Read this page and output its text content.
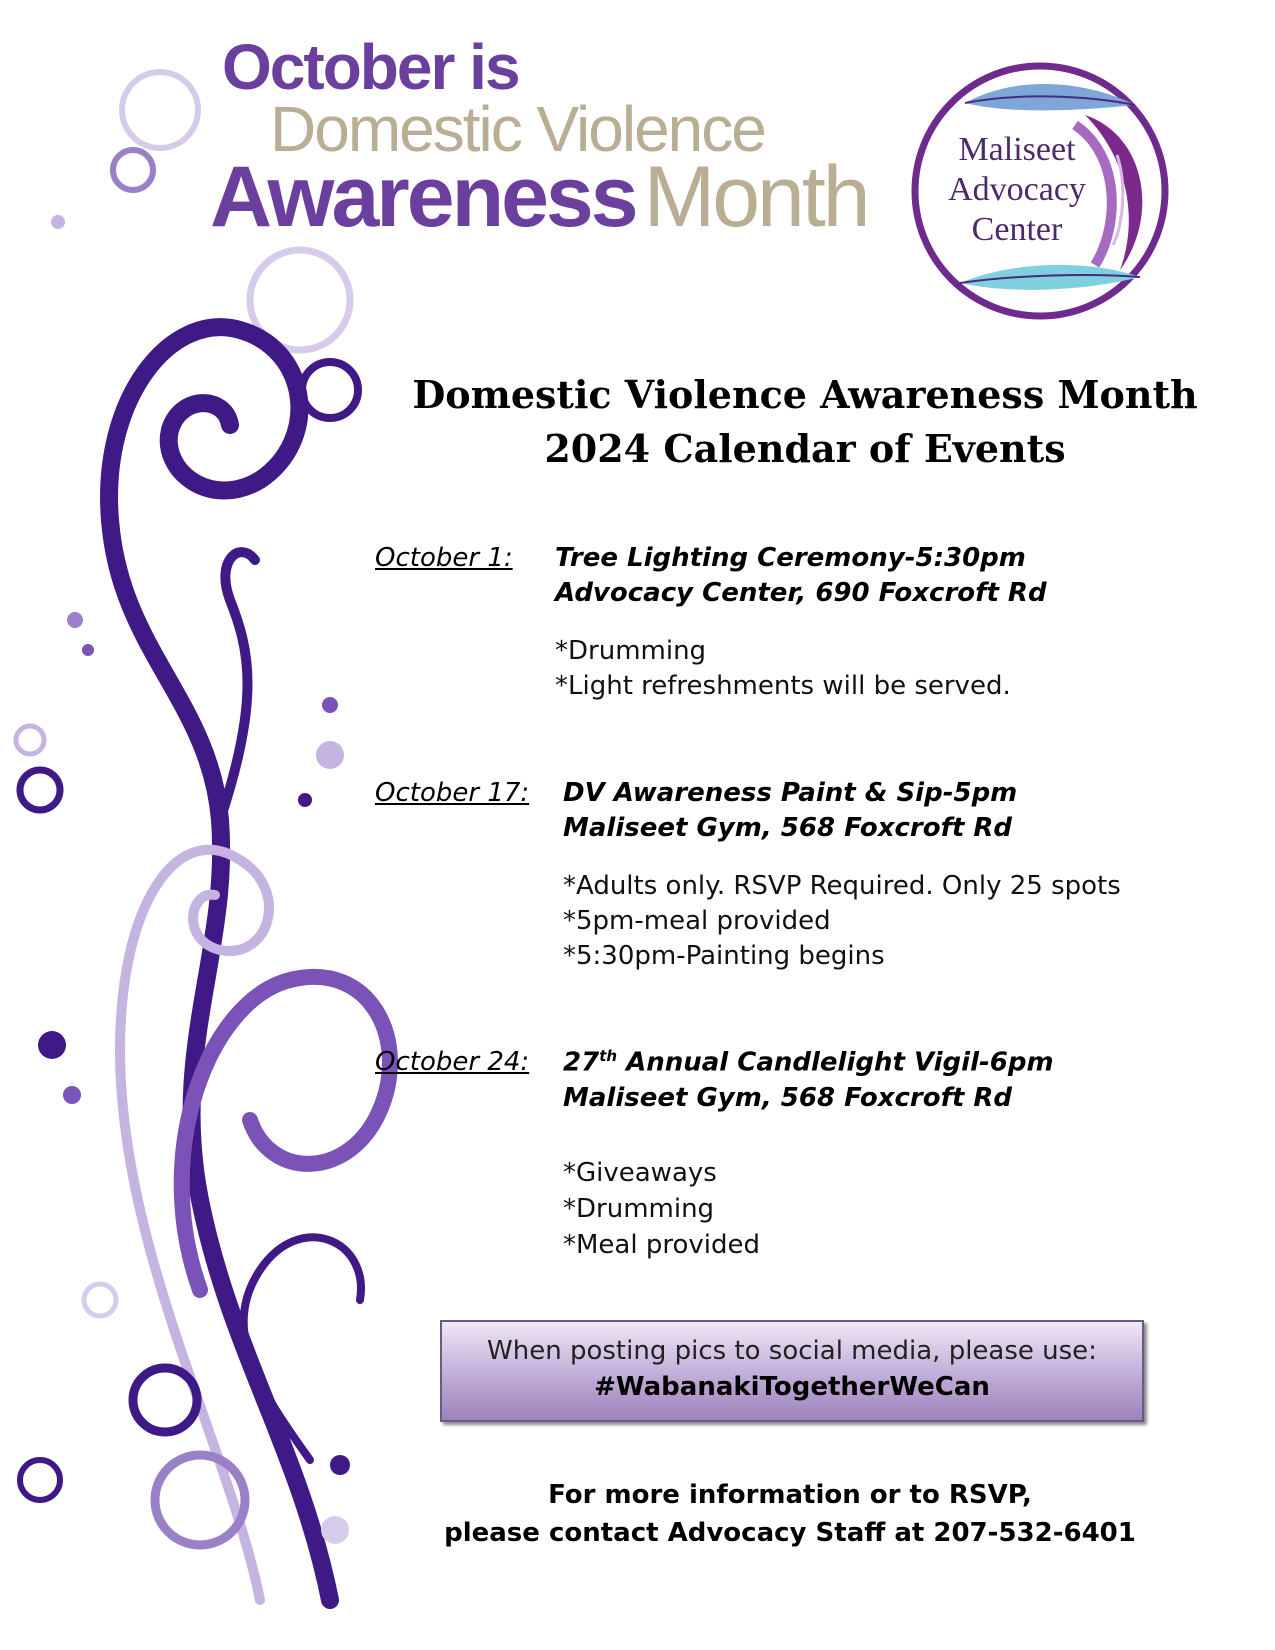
October is
Domestic Violence
AwarenessMonth	Maliseet
Advocacy
Center
Domestic Violence Awareness Month
2024 Calendar of Events
October 1: Tree Lighting Ceremony-5:30pm
Advocacy Center, 690 Foxcroft Rd
*Drumming
*Light refreshments will be served.
October 17: DV Awareness Paint & Sip-5pm
Maliseet Gym, 568 Foxcroft Rd
*Adults only. RSVP Required. Only 25 spots
*5pm-meal provided
*5:30pm-Painting begins
October 24: 27th Annual Candlelight Vigil-6pm
Maliseet Gym, 568 Foxcroft Rd
*Giveaways
*Drumming
*Meal provided
When posting pics to social media, please use:
#WabanakiTogetherWeCan
For more information or to RSVP,
please contact Advocacy Staff at 207-532-6401
